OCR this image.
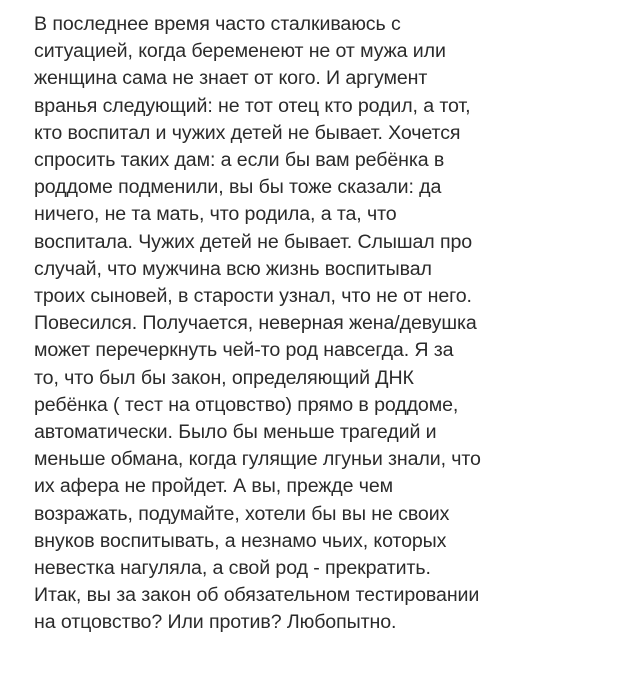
В последнее время часто сталкиваюсь с
ситуацией, когда беременеют не от мужа или
женщина сама не знает от кого. И аргумент
вранья следующий: не тот отец кто родил, а тот,
кто воспитал и чужих детей не бывает. Хочется
спросить таких дам: а если бы вам ребёнка в
роддоме подменили, вы бы тоже сказали: да
ничего, не та мать, что родила, а та, что
воспитала. Чужих детей не бывает. Слышал про
случай, что мужчина всю жизнь воспитывал
троих сыновей, в старости узнал, что не от него.
Повесился. Получается, неверная жена/девушка
может перечеркнуть чей-то род навсегда. Я за
то, что был бы закон, определяющий ДНК
ребёнка ( тест на отцовство) прямо в роддоме,
автоматически. Было бы меньше трагедий и
меньше обмана, когда гулящие лгуньи знали, что
их афера не пройдет. А вы, прежде чем
возражать, подумайте, хотели бы вы не своих
внуков воспитывать, а незнамо чьих, которых
невестка нагуляла, а свой род - прекратить.
Итак, вы за закон об обязательном тестировании
на отцовство? Или против? Любопытно.
